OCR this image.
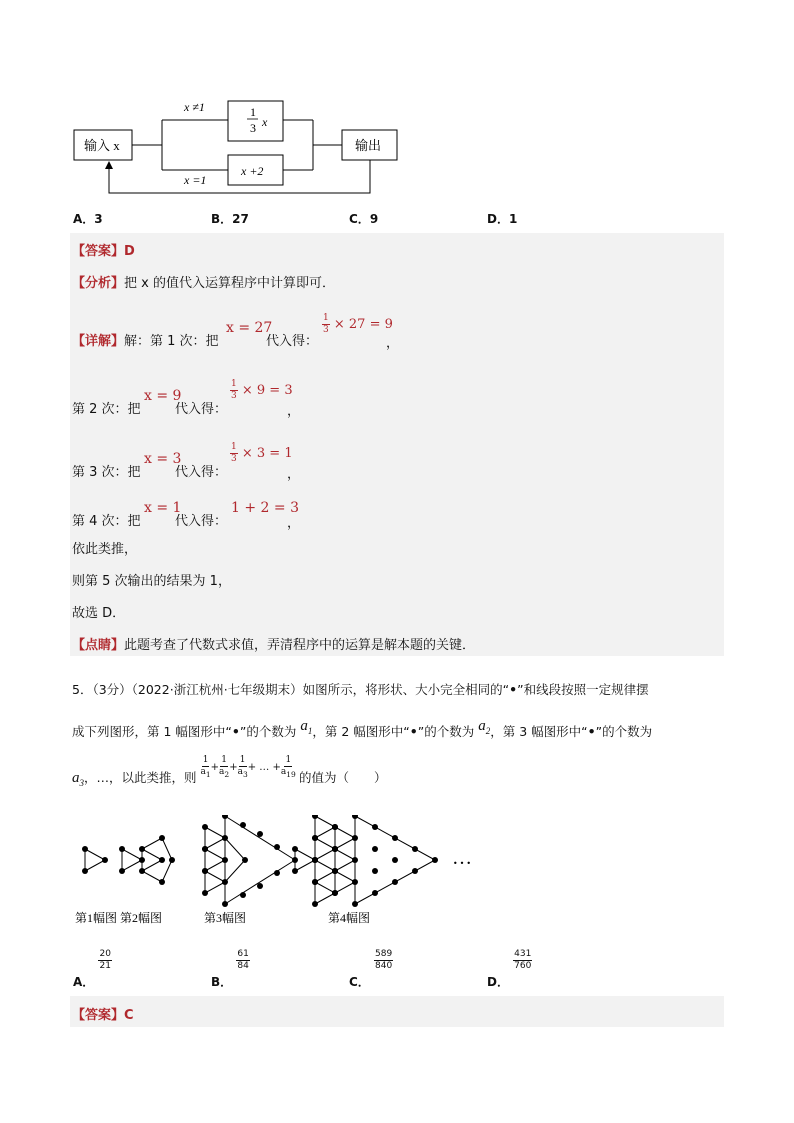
输入 x	输出
1
3 x
x +2
x ≠1
x =1
A．3	B．27	C．9	D．1
【答案】D
【分析】把 x 的值代入运算程序中计算即可．
【详解】解：第 1 次：把
x = 27
代入得：
$\frac{1}{3} \times 27 = 9$
，
第 2 次：把
x = 9
代入得：
$\frac{1}{3} \times 9 = 3$
，
第 3 次：把
x = 3
代入得：
$\frac{1}{3} \times 3 = 1$
，
第 4 次：把
x = 1
代入得：
1 + 2 = 3
，
依此类推，
则第 5 次输出的结果为 1，
故选 D．
【点睛】此题考查了代数式求值，弄清程序中的运算是解本题的关键．
5．（3分）（2022·浙江杭州·七年级期末）如图所示，将形状、大小完全相同的“•”和线段按照一定规律摆
成下列图形，第 1 幅图形中“•”的个数为 $a_1$，第 2 幅图形中“•”的个数为 $a_2$，第 3 幅图形中“•”的个数为
$a_3$，…，以此类推，则 $^{\frac{1}{a_1} + \frac{1}{a_2} + \frac{1}{a_3} + \dots + \frac{1}{a_{19}}}$ 的值为（　　）
…
第1幅图 第2幅图	第3幅图	第4幅图
A．
$\frac{20}{21}$
B．
$\frac{61}{84}$
C．
$\frac{589}{840}$
D．
$\frac{431}{760}$
【答案】C
